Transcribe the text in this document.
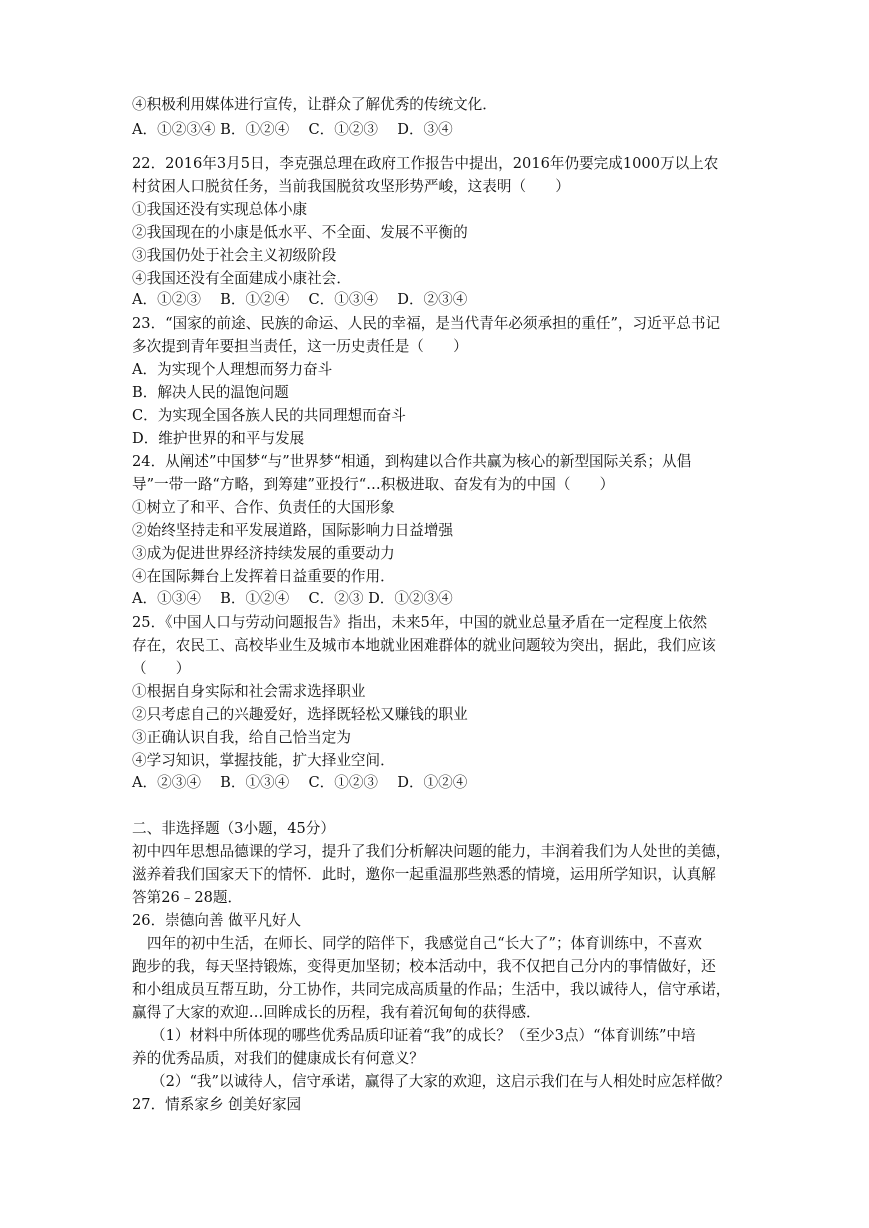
④积极利用媒体进行宣传，让群众了解优秀的传统文化．
A．①②③④ B．①②④　 C．①②③　 D．③④
22．2016年3月5日，李克强总理在政府工作报告中提出，2016年仍要完成1000万以上农
村贫困人口脱贫任务，当前我国脱贫攻坚形势严峻，这表明（　　）
①我国还没有实现总体小康
②我国现在的小康是低水平、不全面、发展不平衡的
③我国仍处于社会主义初级阶段
④我国还没有全面建成小康社会．
A．①②③　 B．①②④　 C．①③④　 D．②③④
23．“国家的前途、民族的命运、人民的幸福，是当代青年必须承担的重任”，习近平总书记
多次提到青年要担当责任，这一历史责任是（　　）
A．为实现个人理想而努力奋斗
B．解决人民的温饱问题
C．为实现全国各族人民的共同理想而奋斗
D．维护世界的和平与发展
24．从阐述”中国梦“与”世界梦“相通，到构建以合作共赢为核心的新型国际关系；从倡
导”一带一路“方略，到筹建”亚投行“…积极进取、奋发有为的中国（　　）
①树立了和平、合作、负责任的大国形象
②始终坚持走和平发展道路，国际影响力日益增强
③成为促进世界经济持续发展的重要动力
④在国际舞台上发挥着日益重要的作用．
A．①③④　 B．①②④　 C．②③ D．①②③④
25．《中国人口与劳动问题报告》指出，未来5年，中国的就业总量矛盾在一定程度上依然
存在，农民工、高校毕业生及城市本地就业困难群体的就业问题较为突出，据此，我们应该
（　　）
①根据自身实际和社会需求选择职业
②只考虑自己的兴趣爱好，选择既轻松又赚钱的职业
③正确认识自我，给自己恰当定为
④学习知识，掌握技能，扩大择业空间．
A．②③④　 B．①③④　 C．①②③　 D．①②④
二、非选择题（3小题，45分）
初中四年思想品德课的学习，提升了我们分析解决问题的能力，丰润着我们为人处世的美德，
滋养着我们国家天下的情怀．此时，邀你一起重温那些熟悉的情境，运用所学知识，认真解
答第26﹣28题．
26．崇德向善 做平凡好人
四年的初中生活，在师长、同学的陪伴下，我感觉自己“长大了”；体育训练中，不喜欢
跑步的我，每天坚持锻炼，变得更加坚韧；校本活动中，我不仅把自己分内的事情做好，还
和小组成员互帮互助，分工协作，共同完成高质量的作品；生活中，我以诚待人，信守承诺，
赢得了大家的欢迎…回眸成长的历程，我有着沉甸甸的获得感．
（1）材料中所体现的哪些优秀品质印证着“我”的成长？（至少3点）“体育训练”中培
养的优秀品质，对我们的健康成长有何意义？
（2）“我”以诚待人，信守承诺，赢得了大家的欢迎，这启示我们在与人相处时应怎样做？
27．情系家乡 创美好家园
